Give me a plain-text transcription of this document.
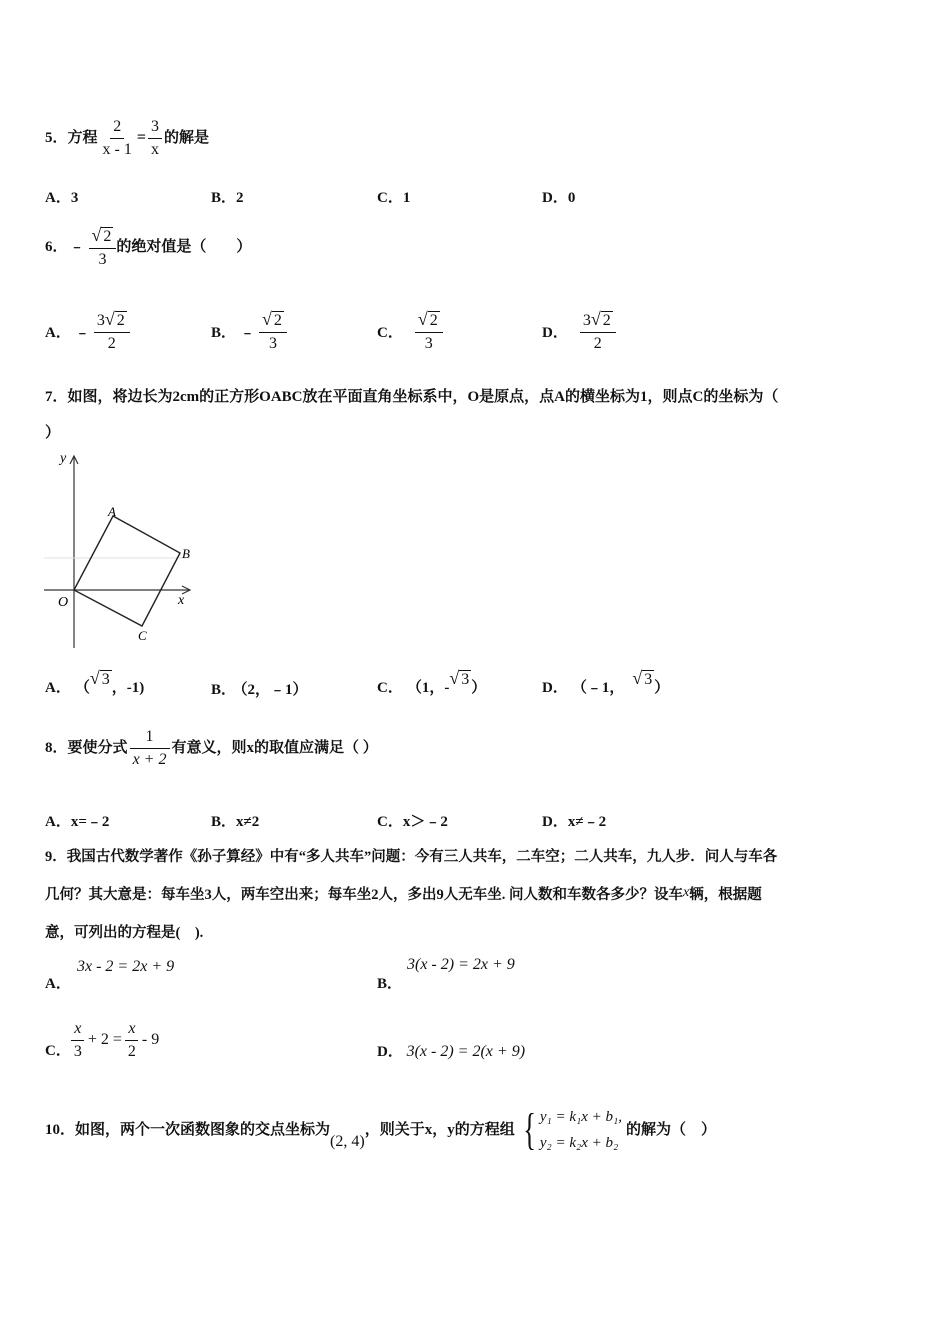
5． 方程 $\frac{2}{x - 1} = \frac{3}{x}$ 的解是
A．3	B．2	C．1	D．0
6． ﹣ $\frac{√ 2}{3}$ 的绝对值是（　　）
A． ﹣ $\frac{3√ 2}{2}$	B． ﹣ $\frac{√ 2}{3}$	C． $\frac{√ 2}{3}$	D． $\frac{3√ 2}{2}$
7．如图，将边长为2cm的正方形OABC放在平面直角坐标系中，O是原点，点A的横坐标为1，则点C的坐标为（
）
y
x
O
A
B
C
A． （ √ 3 ，-1)	B． （2，﹣1）	C． （1，- √ 3 ）	D． （﹣1， √ 3 ）
8． 要使分式 $\frac{1}{x + 2}$ 有意义，则x的取值应满足（ ）
A．x=﹣2	B．x≠2	C．x＞﹣2	D．x≠﹣2
9．我国古代数学著作《孙子算经》中有“多人共车”问题：今有三人共车，二车空；二人共车，九人步．问人与车各
几何？其大意是：每车坐3人，两车空出来；每车坐2人，多出9人无车坐. 问人数和车数各多少？设车x辆，根据题
意，可列出的方程是(　).
A．
3x - 2 = 2x + 9
B．
3(x - 2) = 2x + 9
C． $\frac{x}{3} + 2 = \frac{x}{2} - 9$
D． 3(x - 2) = 2(x + 9)
10． 如图，两个一次函数图象的交点坐标为
(2, 4)
，则关于x，y的方程组 { y₁ = k₁x + b₁,
y₂ = k₂x + b₂
的解为（　）
